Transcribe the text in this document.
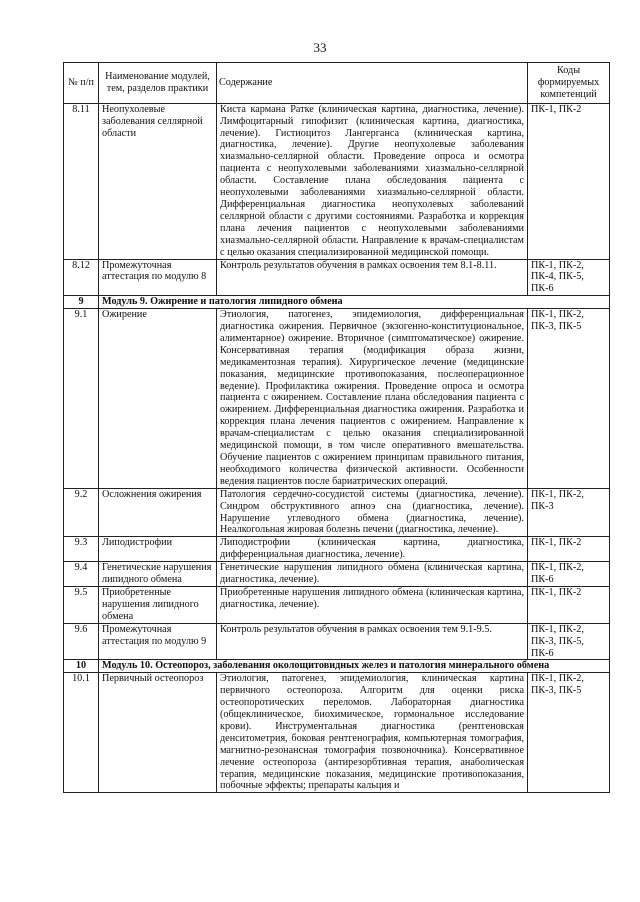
33
№ п/п	Наименование модулей, тем, разделов практики	Содержание	Коды формируемых компетенций
8.11	Неопухолевые заболевания селлярной области	Киста кармана Ратке (клиническая картина, диагностика, лечение). Лимфоцитарный гипофизит (клиническая картина, диагностика, лечение). Гистиоцитоз Лангерганса (клиническая картина, диагностика, лечение). Другие неопухолевые заболевания хиазмально-селлярной области. Проведение опроса и осмотра пациента с неопухолевыми заболеваниями хиазмально-селлярной области. Составление плана обследования пациента с неопухолевыми заболеваниями хиазмально-селлярной области. Дифференциальная диагностика неопухолевых заболеваний селлярной области с другими состояниями. Разработка и коррекция плана лечения пациентов с неопухолевыми заболеваниями хиазмально-селлярной области. Направление к врачам-специалистам с целью оказания специализированной медицинской помощи.	ПК-1, ПК-2
8.12	Промежуточная аттестация по модулю 8	Контроль результатов обучения в рамках освоения тем 8.1-8.11.	ПК-1, ПК-2, ПК-4, ПК-5, ПК-6
9	Модуль 9. Ожирение и патология липидного обмена		
9.1	Ожирение	Этиология, патогенез, эпидемиология, дифференциальная диагностика ожирения. Первичное (экзогенно-конституциональное, алиментарное) ожирение. Вторичное (симптоматическое) ожирение. Консервативная терапия (модификация образа жизни, медикаментозная терапия). Хирургическое лечение (медицинские показания, медицинские противопоказания, послеоперационное ведение). Профилактика ожирения. Проведение опроса и осмотра пациента с ожирением. Составление плана обследования пациента с ожирением. Дифференциальная диагностика ожирения. Разработка и коррекция плана лечения пациентов с ожирением. Направление к врачам-специалистам с целью оказания специализированной медицинской помощи, в том числе оперативного вмешательства. Обучение пациентов с ожирением принципам правильного питания, необходимого количества физической активности. Особенности ведения пациентов после бариатрических операций.	ПК-1, ПК-2, ПК-3, ПК-5
9.2	Осложнения ожирения	Патология сердечно-сосудистой системы (диагностика, лечение). Синдром обструктивного апноэ сна (диагностика, лечение). Нарушение углеводного обмена (диагностика, лечение). Неалкогольная жировая болезнь печени (диагностика, лечение).	ПК-1, ПК-2, ПК-3
9.3	Липодистрофии	Липодистрофии (клиническая картина, диагностика, дифференциальная диагностика, лечение).	ПК-1, ПК-2
9.4	Генетические нарушения липидного обмена	Генетические нарушения липидного обмена (клиническая картина, диагностика, лечение).	ПК-1, ПК-2, ПК-6
9.5	Приобретенные нарушения липидного обмена	Приобретенные нарушения липидного обмена (клиническая картина, диагностика, лечение).	ПК-1, ПК-2
9.6	Промежуточная аттестация по модулю 9	Контроль результатов обучения в рамках освоения тем 9.1-9.5.	ПК-1, ПК-2, ПК-3, ПК-5, ПК-6
10	Модуль 10. Остеопороз, заболевания околощитовидных желез и патология минерального обмена		
10.1	Первичный остеопороз	Этиология, патогенез, эпидемиология, клиническая картина первичного остеопороза. Алгоритм для оценки риска остеопоротических переломов. Лабораторная диагностика (общеклиническое, биохимическое, гормональное исследование крови). Инструментальная диагностика (рентгеновская денситометрия, боковая рентгенография, компьютерная томография, магнитно-резонансная томография позвоночника). Консервативное лечение остеопороза (антирезорбтивная терапия, анаболическая терапия, медицинские показания, медицинские противопоказания, побочные эффекты; препараты кальция и	ПК-1, ПК-2, ПК-3, ПК-5
